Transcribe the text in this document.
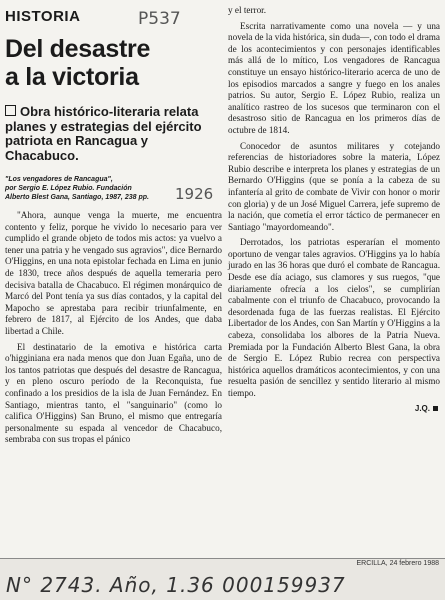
HISTORIA	P537
1926
Del desastre
a la victoria

Obra histórico-literaria relata planes y estrategias del ejército patriota en Rancagua y Chacabuco.

"Los vengadores de Rancagua",
por Sergio E. López Rubio. Fundación
Alberto Blest Gana, Santiago, 1987, 238 pp.

"Ahora, aunque venga la muerte, me encuentra contento y feliz, porque he vivido lo necesario para ver cumplido el grande objeto de todos mis actos: ya vuelvo a tener una patria y he vengado sus agravios", dice Bernardo O'Higgins, en una nota epistolar fechada en Lima en junio de 1830, trece años después de aquella temeraria pero decisiva batalla de Chacabuco. El régimen monárquico de Marcó del Pont tenía ya sus días contados, y la capital del Mapocho se aprestaba para recibir triunfalmente, en febrero de 1817, al Ejército de los Andes, que daba libertad a Chile.

El destinatario de la emotiva e histórica carta o'higginiana era nada menos que don Juan Egaña, uno de los tantos patriotas que después del desastre de Rancagua, y en pleno oscuro período de la Reconquista, fue confinado a los presidios de la isla de Juan Fernández. En Santiago, mientras tanto, el "sanguinario" (como lo califica O'Higgins) San Bruno, el mismo que entregaría personalmente su espada al vencedor de Chacabuco, sembraba con sus tropas el pánico

y el terror.

Escrita narrativamente como una novela — y una novela de la vida histórica, sin duda—, con todo el drama de los acontecimientos y con personajes identificables más allá de lo mítico, Los vengadores de Rancagua constituye un ensayo histórico-literario acerca de uno de los episodios marcados a sangre y fuego en los anales patrios. Su autor, Sergio E. López Rubio, realiza un analítico rastreo de los sucesos que terminaron con el desastroso sitio de Rancagua en los primeros días de octubre de 1814.

Conocedor de asuntos militares y cotejando referencias de historiadores sobre la materia, López Rubio describe e interpreta los planes y estrategias de un Bernardo O'Higgins (que se ponía a la cabeza de su infantería al grito de combate de Vivir con honor o morir con gloria) y de un José Miguel Carrera, jefe supremo de la nación, que cometía el error táctico de permanecer en Santiago "mayordomeando".

Derrotados, los patriotas esperarían el momento oportuno de vengar tales agravios. O'Higgins ya lo había jurado en las 36 horas que duró el combate de Rancagua. Desde ese día aciago, sus clamores y sus ruegos, "que diariamente ofrecía a los cielos", se cumplirían cabalmente con el triunfo de Chacabuco, provocando la desordenada fuga de las fuerzas realistas. El Ejército Libertador de los Andes, con San Martín y O'Higgins a la cabeza, consolidaba los albores de la Patria Nueva. Premiada por la Fundación Alberto Blest Gana, la obra de Sergio E. López Rubio recrea con perspectiva histórica aquellos dramáticos acontecimientos, y con una resuelta pasión de sencillez y sentido literario al mismo tiempo.

J.Q.
ERCILLA, 24 febrero 1988
N° 2743. Año, 1.36 000159937
